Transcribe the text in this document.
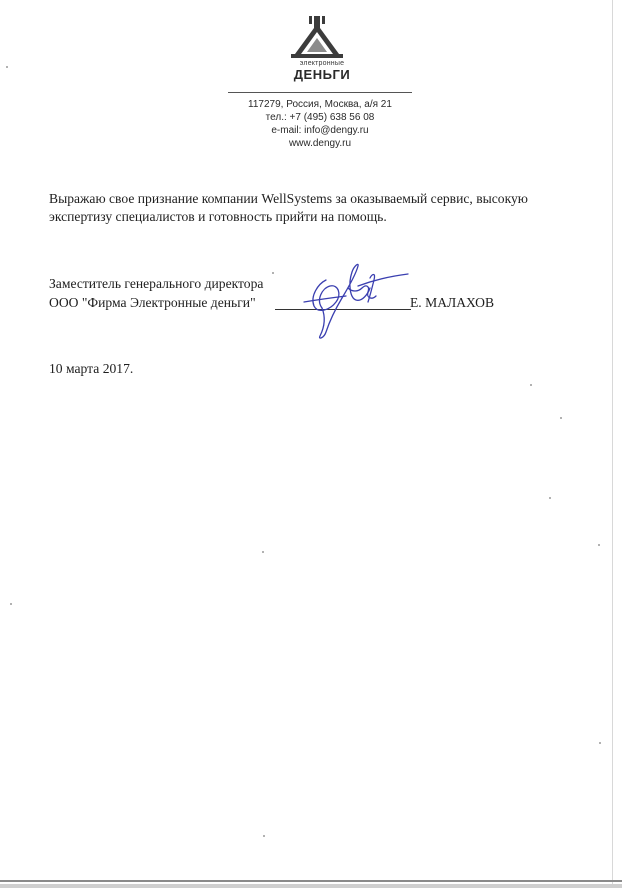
электронные
ДЕНЬГИ
117279, Россия, Москва, а/я 21
тел.: +7 (495) 638 56 08
e-mail: info@dengy.ru
www.dengy.ru
Выражаю свое признание компании WellSystems за оказываемый сервис, высокую
экспертизу специалистов и готовность прийти на помощь.
Заместитель генерального директора
ООО "Фирма Электронные деньги"	Е. МАЛАХОВ
10 марта 2017.
